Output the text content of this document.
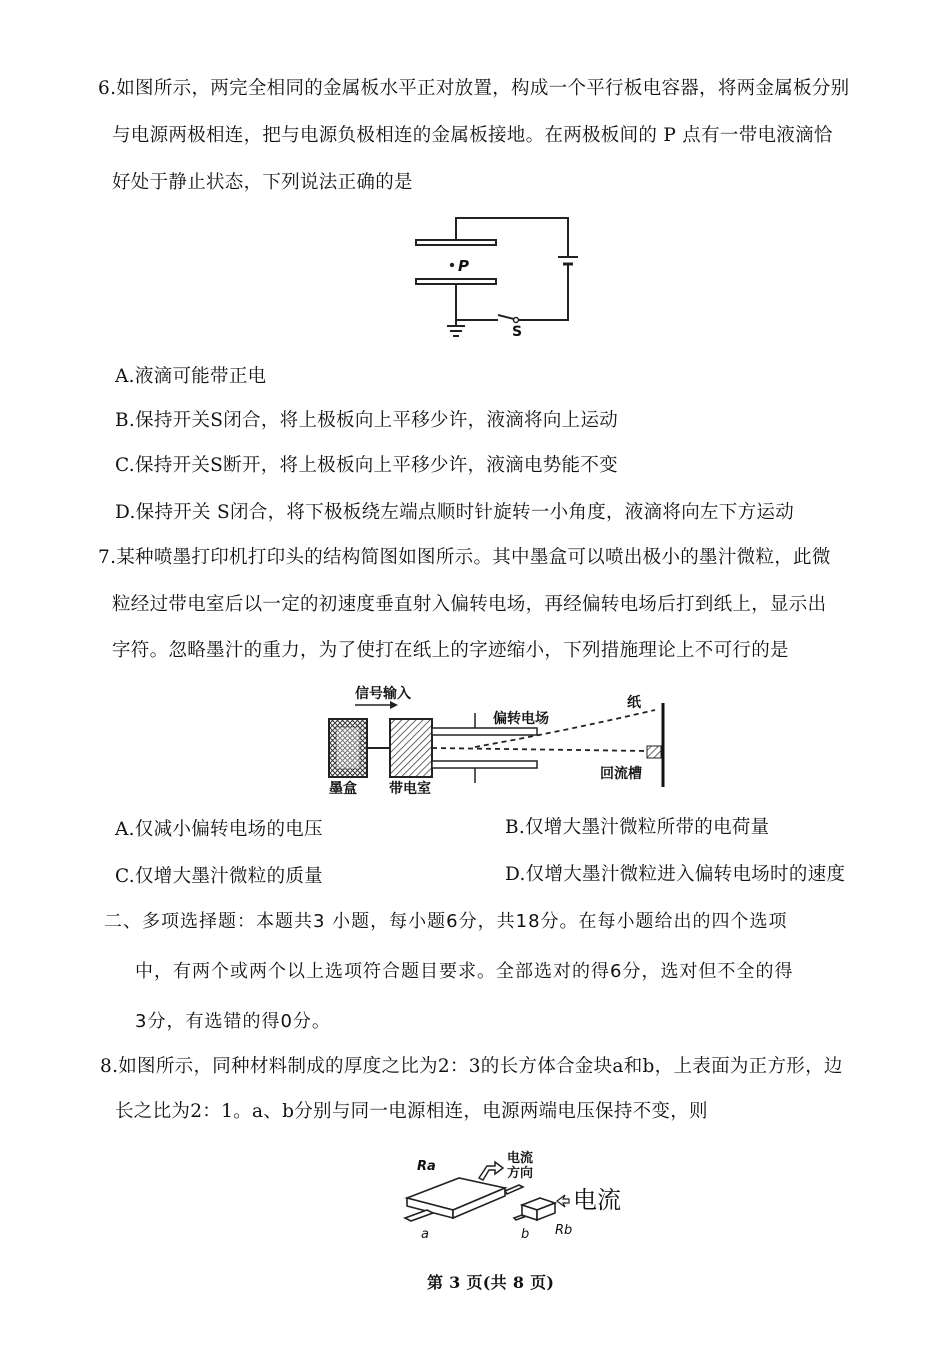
6.如图所示，两完全相同的金属板水平正对放置，构成一个平行板电容器，将两金属板分别
与电源两极相连，把与电源负极相连的金属板接地。在两极板间的 P 点有一带电液滴恰
好处于静止状态，下列说法正确的是
P
S
A.液滴可能带正电
B.保持开关S闭合，将上极板向上平移少许，液滴将向上运动
C.保持开关S断开，将上极板向上平移少许，液滴电势能不变
D.保持开关 S闭合，将下极板绕左端点顺时针旋转一小角度，液滴将向左下方运动
7.某种喷墨打印机打印头的结构简图如图所示。其中墨盒可以喷出极小的墨汁微粒，此微
粒经过带电室后以一定的初速度垂直射入偏转电场，再经偏转电场后打到纸上，显示出
字符。忽略墨汁的重力，为了使打在纸上的字迹缩小，下列措施理论上不可行的是
信号输入
偏转电场
纸
墨盒 带电室
回流槽
A.仅减小偏转电场的电压	B.仅增大墨汁微粒所带的电荷量
C.仅增大墨汁微粒的质量	D.仅增大墨汁微粒进入偏转电场时的速度
二、多项选择题：本题共3 小题，每小题6分，共18分。在每小题给出的四个选项
中，有两个或两个以上选项符合题目要求。全部选对的得6分，选对但不全的得
3分，有选错的得0分。
8.如图所示，同种材料制成的厚度之比为2：3的长方体合金块a和b，上表面为正方形，边
长之比为2：1。a、b分别与同一电源相连，电源两端电压保持不变，则
Ra
电流
方向
电流
a	b Rb
第 3 页(共 8 页)
